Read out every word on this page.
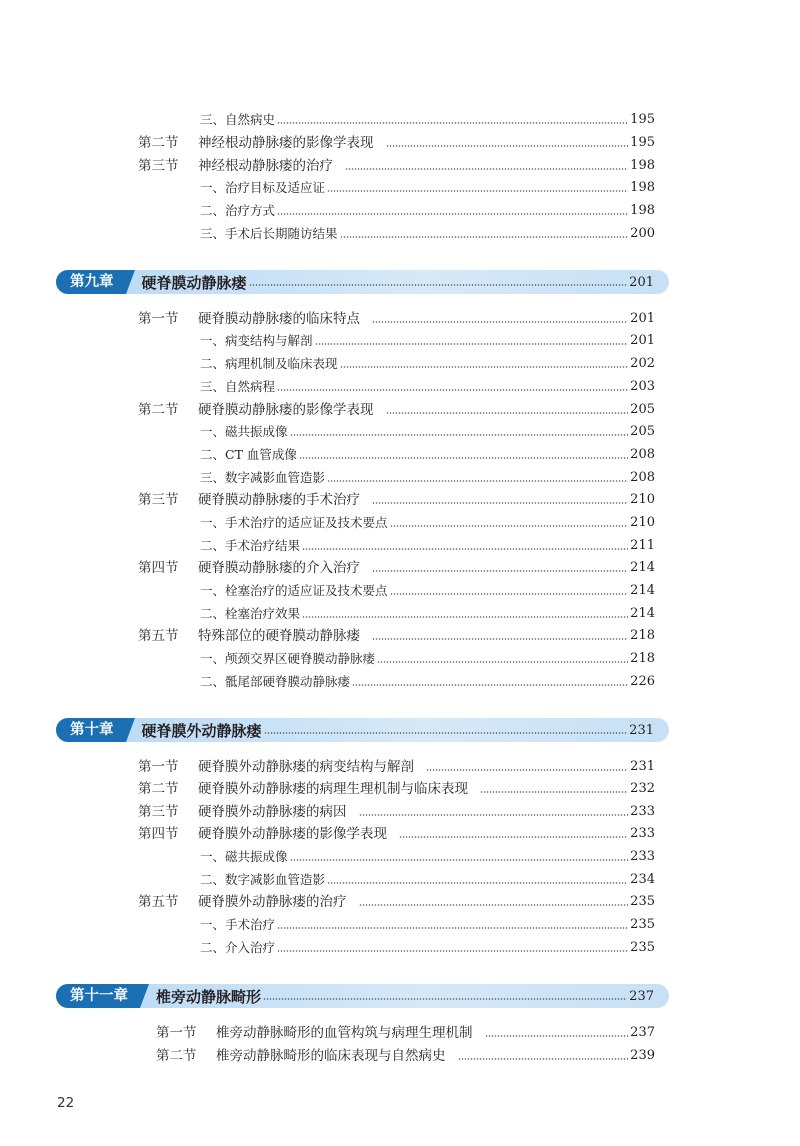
三、自然病史	195
第二节	神经根动静脉瘘的影像学表现	195
第三节	神经根动静脉瘘的治疗	198
一、治疗目标及适应证	198
二、治疗方式	198
三、手术后长期随访结果	200
第九章	硬脊膜动静脉瘘	201
第一节	硬脊膜动静脉瘘的临床特点	201
一、病变结构与解剖	201
二、病理机制及临床表现	202
三、自然病程	203
第二节	硬脊膜动静脉瘘的影像学表现	205
一、磁共振成像	205
二、CT 血管成像	208
三、数字减影血管造影	208
第三节	硬脊膜动静脉瘘的手术治疗	210
一、手术治疗的适应证及技术要点	210
二、手术治疗结果	211
第四节	硬脊膜动静脉瘘的介入治疗	214
一、栓塞治疗的适应证及技术要点	214
二、栓塞治疗效果	214
第五节	特殊部位的硬脊膜动静脉瘘	218
一、颅颈交界区硬脊膜动静脉瘘	218
二、骶尾部硬脊膜动静脉瘘	226
第十章	硬脊膜外动静脉瘘	231
第一节	硬脊膜外动静脉瘘的病变结构与解剖	231
第二节	硬脊膜外动静脉瘘的病理生理机制与临床表现	232
第三节	硬脊膜外动静脉瘘的病因	233
第四节	硬脊膜外动静脉瘘的影像学表现	233
一、磁共振成像	233
二、数字减影血管造影	234
第五节	硬脊膜外动静脉瘘的治疗	235
一、手术治疗	235
二、介入治疗	235
第十一章	椎旁动静脉畸形	237
第一节	椎旁动静脉畸形的血管构筑与病理生理机制	237
第二节	椎旁动静脉畸形的临床表现与自然病史	239
22
